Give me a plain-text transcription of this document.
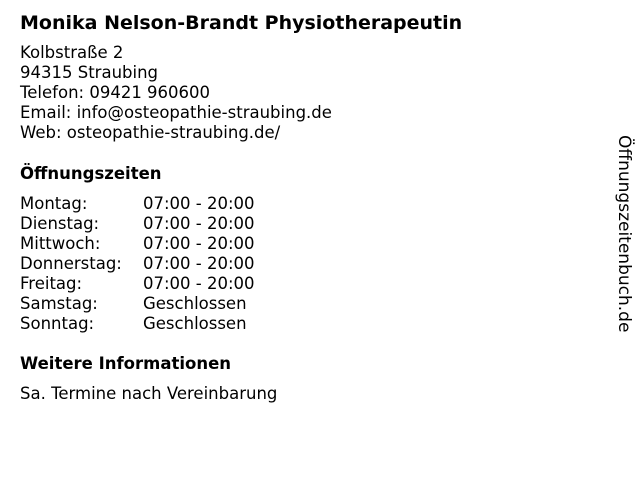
Monika Nelson-Brandt Physiotherapeutin
Kolbstraße 2
94315 Straubing
Telefon: 09421 960600
Email: info@osteopathie-straubing.de
Web: osteopathie-straubing.de/
Öffnungszeiten
Montag:	07:00 - 20:00
Dienstag:	07:00 - 20:00
Mittwoch:	07:00 - 20:00
Donnerstag:	07:00 - 20:00
Freitag:	07:00 - 20:00
Samstag:	Geschlossen
Sonntag:	Geschlossen
Weitere Informationen
Sa. Termine nach Vereinbarung
Öffnungszeitenbuch.de
